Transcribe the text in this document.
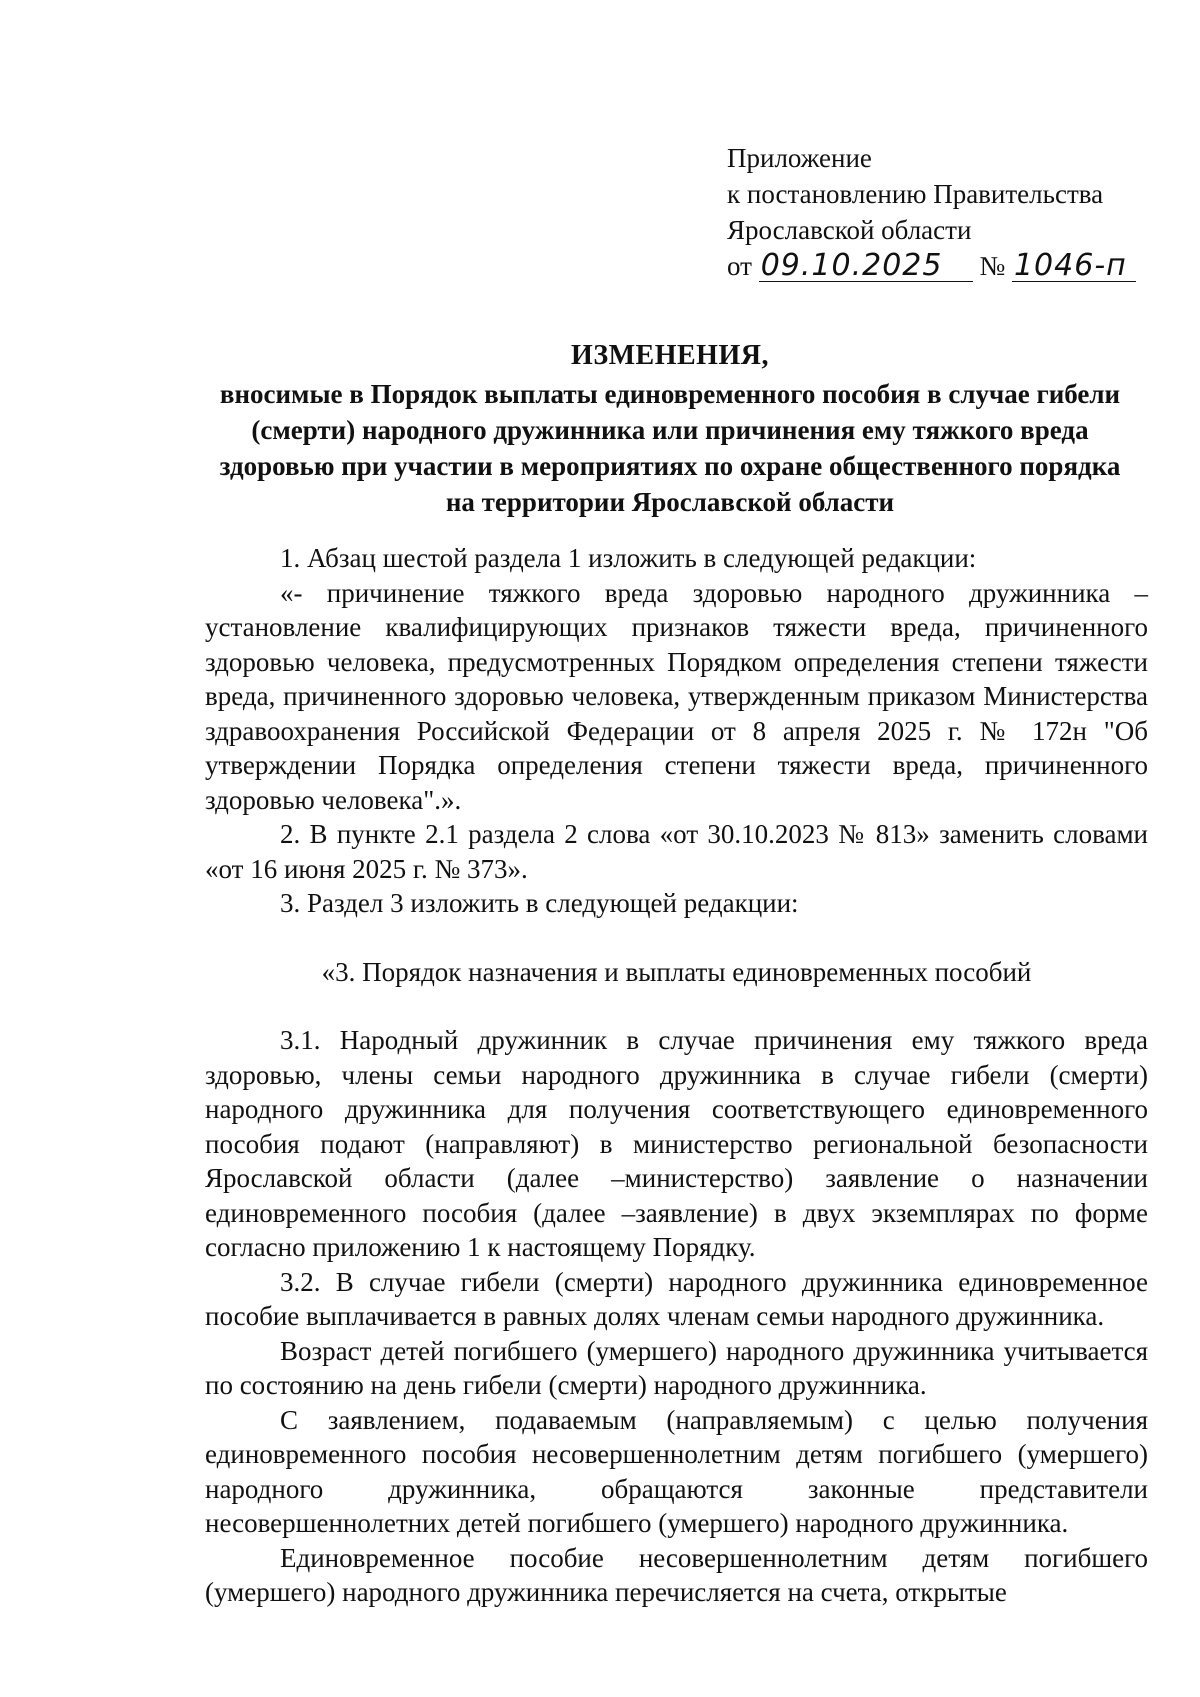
Приложение
к постановлению Правительства
Ярославской области
от 09.10.2025 № 1046-п
ИЗМЕНЕНИЯ,
вносимые в Порядок выплаты единовременного пособия в случае гибели (смерти) народного дружинника или причинения ему тяжкого вреда здоровью при участии в мероприятиях по охране общественного порядка на территории Ярославской области

1. Абзац шестой раздела 1 изложить в следующей редакции:

«- причинение тяжкого вреда здоровью народного дружинника – установление квалифицирующих признаков тяжести вреда, причиненного здоровью человека, предусмотренных Порядком определения степени тяжести вреда, причиненного здоровью человека, утвержденным приказом Министерства здравоохранения Российской Федерации от 8 апреля 2025 г. № 172н "Об утверждении Порядка определения степени тяжести вреда, причиненного здоровью человека".».

2. В пункте 2.1 раздела 2 слова «от 30.10.2023 № 813» заменить словами «от 16 июня 2025 г. № 373».

3. Раздел 3 изложить в следующей редакции:

«3. Порядок назначения и выплаты единовременных пособий

3.1. Народный дружинник в случае причинения ему тяжкого вреда здоровью, члены семьи народного дружинника в случае гибели (смерти) народного дружинника для получения соответствующего единовременного пособия подают (направляют) в министерство региональной безопасности Ярославской области (далее –министерство) заявление о назначении единовременного пособия (далее –заявление) в двух экземплярах по форме согласно приложению 1 к настоящему Порядку.

3.2. В случае гибели (смерти) народного дружинника единовременное пособие выплачивается в равных долях членам семьи народного дружинника.

Возраст детей погибшего (умершего) народного дружинника учитывается по состоянию на день гибели (смерти) народного дружинника.

С заявлением, подаваемым (направляемым) с целью получения единовременного пособия несовершеннолетним детям погибшего (умершего) народного дружинника, обращаются законные представители несовершеннолетних детей погибшего (умершего) народного дружинника.

Единовременное пособие несовершеннолетним детям погибшего (умершего) народного дружинника перечисляется на счета, открытые
